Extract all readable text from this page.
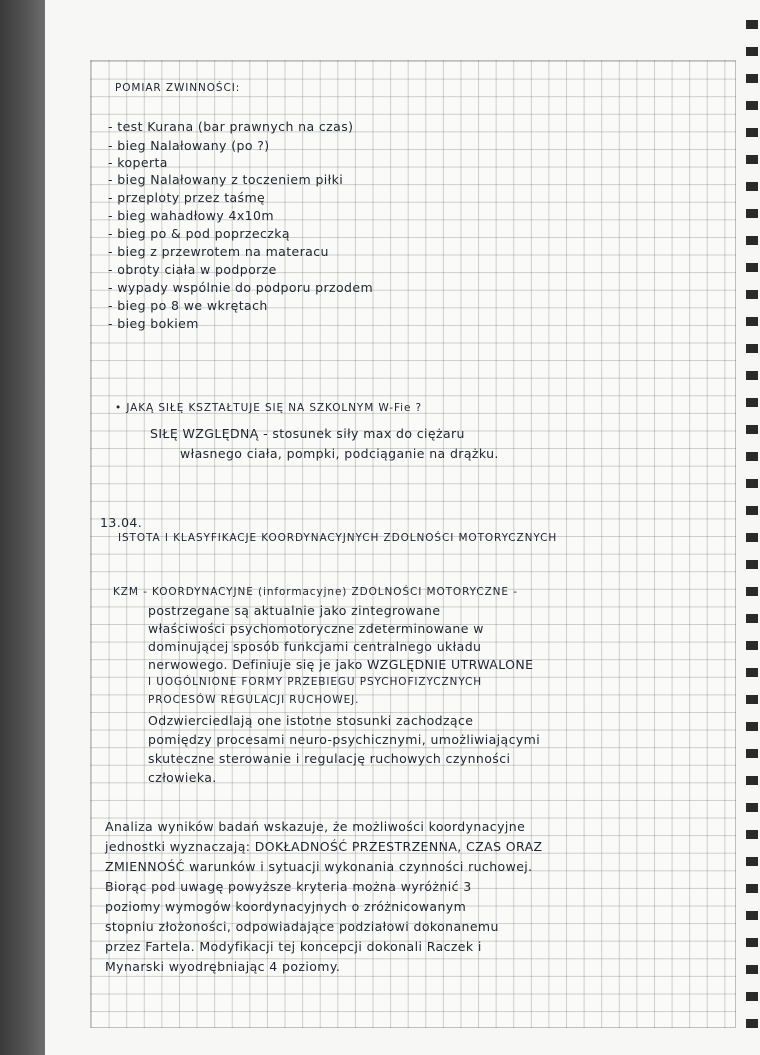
POMIAR ZWINNOŚCI:
- test Kurana (bar prawnych na czas)
- bieg Nalałowany (po ?)
- koperta
- bieg Nalałowany z toczeniem piłki
- przeploty przez taśmę
- bieg wahadłowy 4x10m
- bieg po & pod poprzeczką
- bieg z przewrotem na materacu
- obroty ciała w podporze
- wypady wspólnie do podporu przodem
- bieg po 8 we wkrętach
- bieg bokiem
• JAKĄ SIŁĘ KSZTAŁTUJE SIĘ NA SZKOLNYM W-Fie ?
SIŁĘ WZGLĘDNĄ - stosunek siły max do ciężaru
własnego ciała, pompki, podciąganie na drążku.
13.04.
ISTOTA I KLASYFIKACJE KOORDYNACYJNYCH ZDOLNOŚCI MOTORYCZNYCH
KZM - KOORDYNACYJNE (informacyjne) ZDOLNOŚCI MOTORYCZNE -
postrzegane są aktualnie jako zintegrowane
właściwości psychomotoryczne zdeterminowane w
dominującej sposób funkcjami centralnego układu
nerwowego. Definiuje się je jako WZGLĘDNIE UTRWALONE
I UOGÓLNIONE FORMY PRZEBIEGU PSYCHOFIZYCZNYCH
PROCESÓW REGULACJI RUCHOWEJ.
Odzwierciedlają one istotne stosunki zachodzące
pomiędzy procesami neuro-psychicznymi, umożliwiającymi
skuteczne sterowanie i regulację ruchowych czynności
człowieka.
Analiza wyników badań wskazuje, że możliwości koordynacyjne
jednostki wyznaczają: DOKŁADNOŚĆ PRZESTRZENNA, CZAS ORAZ
ZMIENNOŚĆ warunków i sytuacji wykonania czynności ruchowej.
Biorąc pod uwagę powyższe kryteria można wyróżnić 3
poziomy wymogów koordynacyjnych o zróżnicowanym
stopniu złożoności, odpowiadające podziałowi dokonanemu
przez Fartela. Modyfikacji tej koncepcji dokonali Raczek i
Mynarski wyodrębniając 4 poziomy.
